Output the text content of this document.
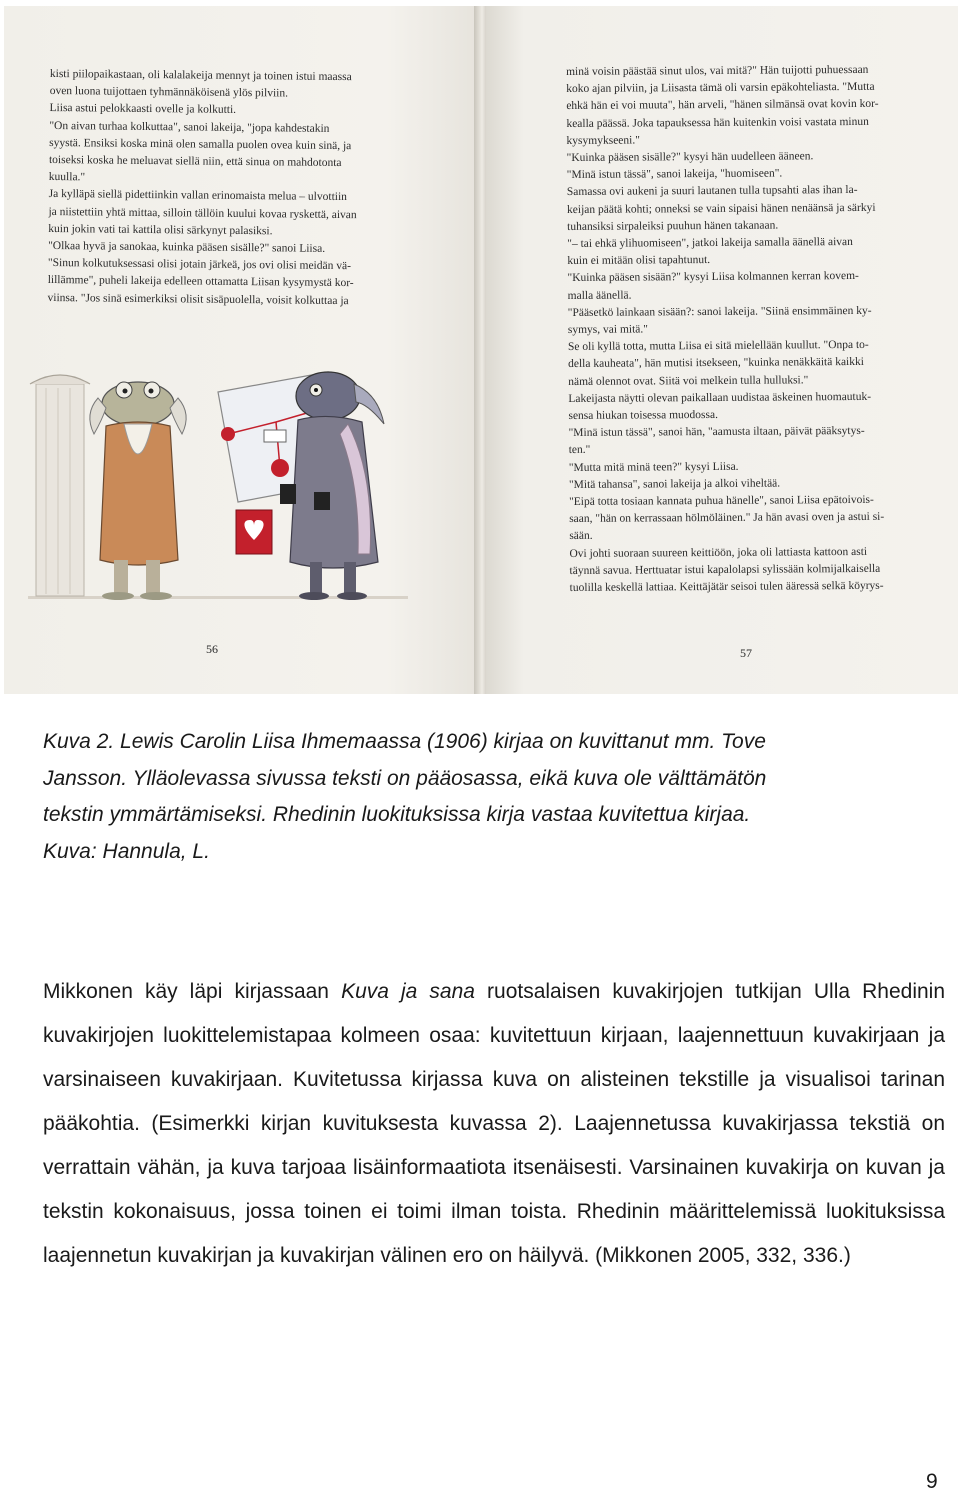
kisti piilopaikastaan, oli kalalakeija mennyt ja toinen istui maassa
oven luona tuijottaen tyhmännäköisenä ylös pilviin.
Liisa astui pelokkaasti ovelle ja kolkutti.
"On aivan turhaa kolkuttaa", sanoi lakeija, "jopa kahdestakin
syystä. Ensiksi koska minä olen samalla puolen ovea kuin sinä, ja
toiseksi koska he meluavat siellä niin, että sinua on mahdotonta
kuulla."
Ja kylläpä siellä pidettiinkin vallan erinomaista melua – ulvottiin
ja niistettiin yhtä mittaa, silloin tällöin kuului kovaa ryskettä, aivan
kuin jokin vati tai kattila olisi särkynyt palasiksi.
"Olkaa hyvä ja sanokaa, kuinka pääsen sisälle?" sanoi Liisa.
"Sinun kolkutuksessasi olisi jotain järkeä, jos ovi olisi meidän vä-
lillämme", puheli lakeija edelleen ottamatta Liisan kysymystä kor-
viinsa. "Jos sinä esimerkiksi olisit sisäpuolella, voisit kolkuttaa ja
56
minä voisin päästää sinut ulos, vai mitä?" Hän tuijotti puhuessaan
koko ajan pilviin, ja Liisasta tämä oli varsin epäkohteliasta. "Mutta
ehkä hän ei voi muuta", hän arveli, "hänen silmänsä ovat kovin kor-
kealla päässä. Joka tapauksessa hän kuitenkin voisi vastata minun
kysymykseeni."
"Kuinka pääsen sisälle?" kysyi hän uudelleen ääneen.
"Minä istun tässä", sanoi lakeija, "huomiseen".
Samassa ovi aukeni ja suuri lautanen tulla tupsahti alas ihan la-
keijan päätä kohti; onneksi se vain sipaisi hänen nenäänsä ja särkyi
tuhansiksi sirpaleiksi puuhun hänen takanaan.
"– tai ehkä ylihuomiseen", jatkoi lakeija samalla äänellä aivan
kuin ei mitään olisi tapahtunut.
"Kuinka pääsen sisään?" kysyi Liisa kolmannen kerran kovem-
malla äänellä.
"Pääsetkö lainkaan sisään?: sanoi lakeija. "Siinä ensimmäinen ky-
symys, vai mitä."
Se oli kyllä totta, mutta Liisa ei sitä mielellään kuullut. "Onpa to-
della kauheata", hän mutisi itsekseen, "kuinka nenäkkäitä kaikki
nämä olennot ovat. Siitä voi melkein tulla hulluksi."
Lakeijasta näytti olevan paikallaan uudistaa äskeinen huomautuk-
sensa hiukan toisessa muodossa.
"Minä istun tässä", sanoi hän, "aamusta iltaan, päivät pääksytys-
ten."
"Mutta mitä minä teen?" kysyi Liisa.
"Mitä tahansa", sanoi lakeija ja alkoi viheltää.
"Eipä totta tosiaan kannata puhua hänelle", sanoi Liisa epätoivois-
saan, "hän on kerrassaan hölmöläinen." Ja hän avasi oven ja astui si-
sään.
Ovi johti suoraan suureen keittiöön, joka oli lattiasta kattoon asti
täynnä savua. Herttuatar istui kapalolapsi sylissään kolmijalkaisella
tuolilla keskellä lattiaa. Keittäjätär seisoi tulen ääressä selkä köyrys-
57
Kuva 2. Lewis Carolin Liisa Ihmemaassa (1906) kirjaa on kuvittanut mm. Tove
Jansson. Ylläolevassa sivussa teksti on pääosassa, eikä kuva ole välttämätön
tekstin ymmärtämiseksi. Rhedinin luokituksissa kirja vastaa kuvitettua kirjaa.
Kuva: Hannula, L.
Mikkonen käy läpi kirjassaan Kuva ja sana ruotsalaisen kuvakirjojen tutkijan Ulla Rhedinin kuvakirjojen luokittelemistapaa kolmeen osaa: kuvitettuun kirjaan, laajennettuun kuvakirjaan ja varsinaiseen kuvakirjaan. Kuvitetussa kirjassa kuva on alisteinen tekstille ja visualisoi tarinan pääkohtia. (Esimerkki kirjan kuvituksesta kuvassa 2). Laajennetussa kuvakirjassa tekstiä on verrattain vähän, ja kuva tarjoaa lisäinformaatiota itsenäisesti. Varsinainen kuvakirja on kuvan ja tekstin kokonaisuus, jossa toinen ei toimi ilman toista. Rhedinin määrittelemissä luokituksissa laajennetun kuvakirjan ja kuvakirjan välinen ero on häilyvä. (Mikkonen 2005, 332, 336.)
9
